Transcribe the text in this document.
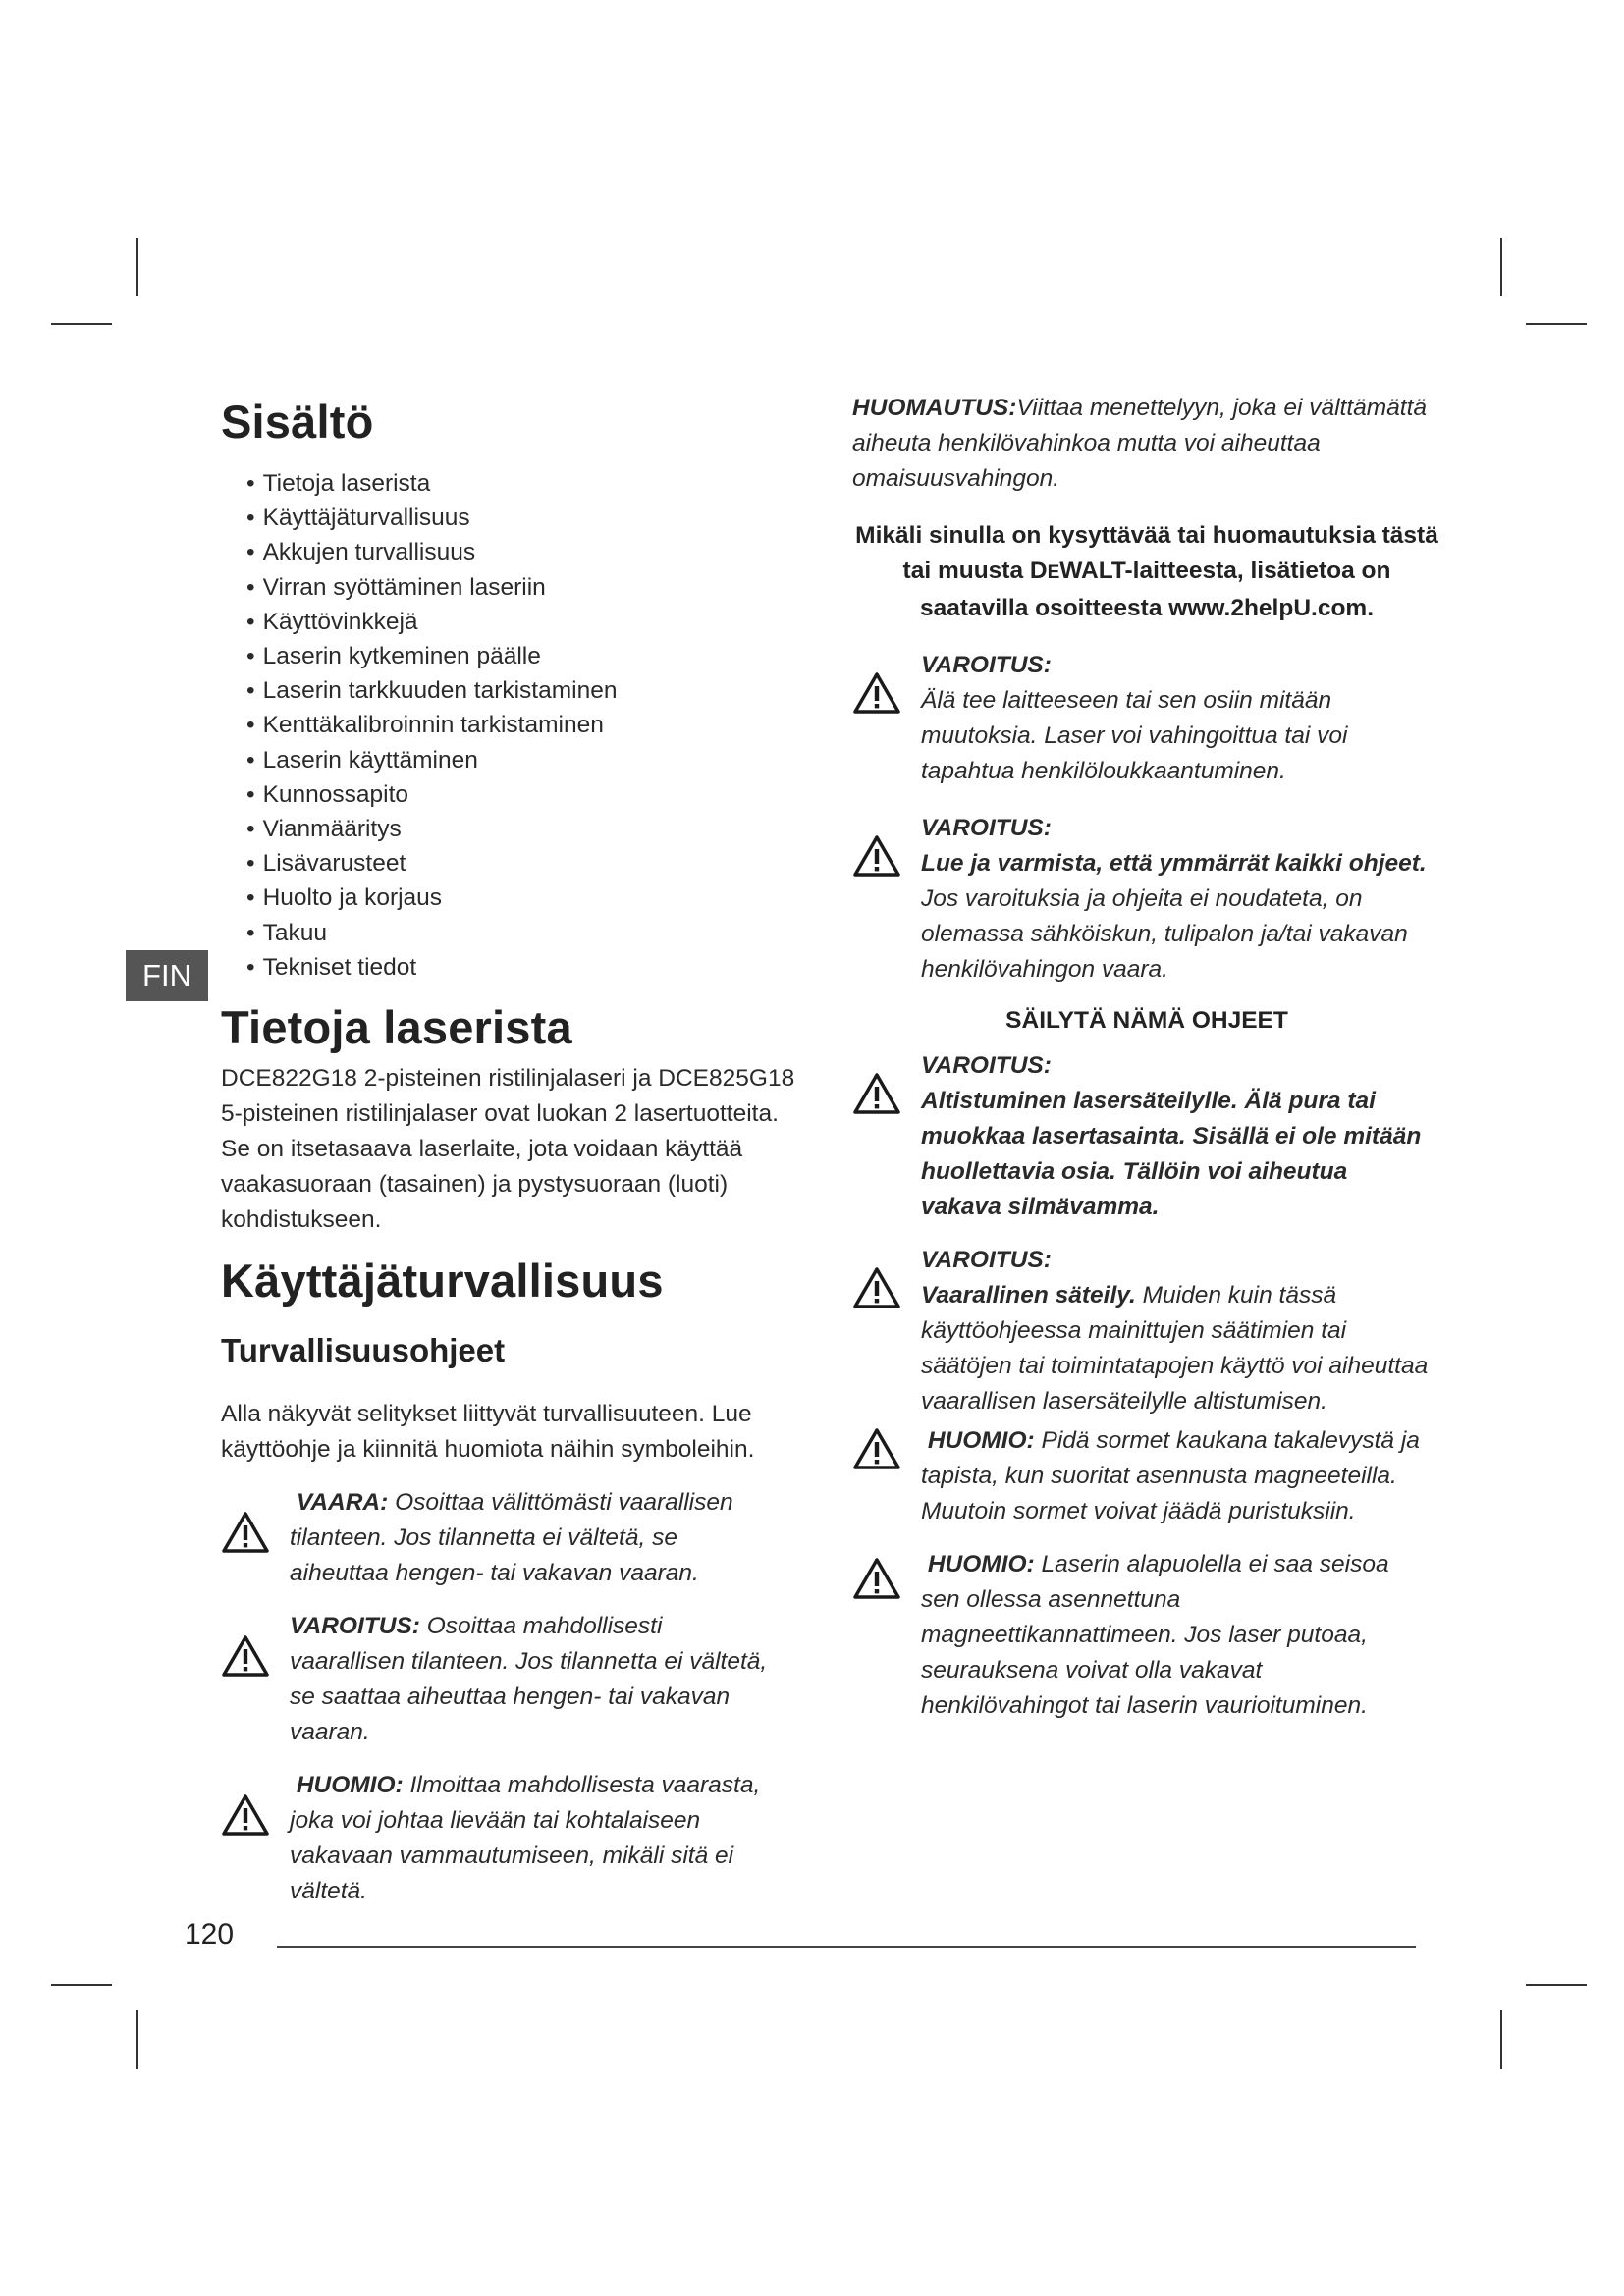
FIN
Sisältö
• Tietoja laserista
• Käyttäjäturvallisuus
• Akkujen turvallisuus
• Virran syöttäminen laseriin
• Käyttövinkkejä
• Laserin kytkeminen päälle
• Laserin tarkkuuden tarkistaminen
• Kenttäkalibroinnin tarkistaminen
• Laserin käyttäminen
• Kunnossapito
• Vianmääritys
• Lisävarusteet
• Huolto ja korjaus
• Takuu
• Tekniset tiedot
Tietoja laserista

DCE822G18 2-pisteinen ristilinjalaseri ja DCE825G18 5-pisteinen ristilinjalaser ovat luokan 2 lasertuotteita.

Se on itsetasaava laserlaite, jota voidaan käyttää vaakasuoraan (tasainen) ja pystysuoraan (luoti) kohdistukseen.

Käyttäjäturvallisuus
Turvallisuusohjeet

Alla näkyvät selitykset liittyvät turvallisuuteen. Lue käyttöohje ja kiinnitä huomiota näihin symboleihin.

VAARA: Osoittaa välittömästi vaarallisen tilanteen. Jos tilannetta ei vältetä, se aiheuttaa hengen- tai vakavan vaaran.
VAROITUS: Osoittaa mahdollisesti vaarallisen tilanteen. Jos tilannetta ei vältetä, se saattaa aiheuttaa hengen- tai vakavan vaaran.
HUOMIO: Ilmoittaa mahdollisesta vaarasta, joka voi johtaa lievään tai kohtalaiseen vakavaan vammautumiseen, mikäli sitä ei vältetä.
HUOMAUTUS:Viittaa menettelyyn, joka ei välttämättä aiheuta henkilövahinkoa mutta voi aiheuttaa omaisuusvahingon.
Mikäli sinulla on kysyttävää tai huomautuksia tästä tai muusta DEWALT-laitteesta, lisätietoa on saatavilla osoitteesta www.2helpU.com.
VAROITUS:
Älä tee laitteeseen tai sen osiin mitään muutoksia. Laser voi vahingoittua tai voi tapahtua henkilöloukkaantuminen.
VAROITUS:
Lue ja varmista, että ymmärrät kaikki ohjeet. Jos varoituksia ja ohjeita ei noudateta, on olemassa sähköiskun, tulipalon ja/tai vakavan henkilövahingon vaara.
SÄILYTÄ NÄMÄ OHJEET
VAROITUS:
Altistuminen lasersäteilylle. Älä pura tai muokkaa lasertasainta. Sisällä ei ole mitään huollettavia osia. Tällöin voi aiheutua vakava silmävamma.
VAROITUS:
Vaarallinen säteily. Muiden kuin tässä käyttöohjeessa mainittujen säätimien tai säätöjen tai toimintatapojen käyttö voi aiheuttaa vaarallisen lasersäteilylle altistumisen.
HUOMIO: Pidä sormet kaukana takalevystä ja tapista, kun suoritat asennusta magneeteilla. Muutoin sormet voivat jäädä puristuksiin.
HUOMIO: Laserin alapuolella ei saa seisoa sen ollessa asennettuna magneettikannattimeen. Jos laser putoaa, seurauksena voivat olla vakavat henkilövahingot tai laserin vaurioituminen.
120
